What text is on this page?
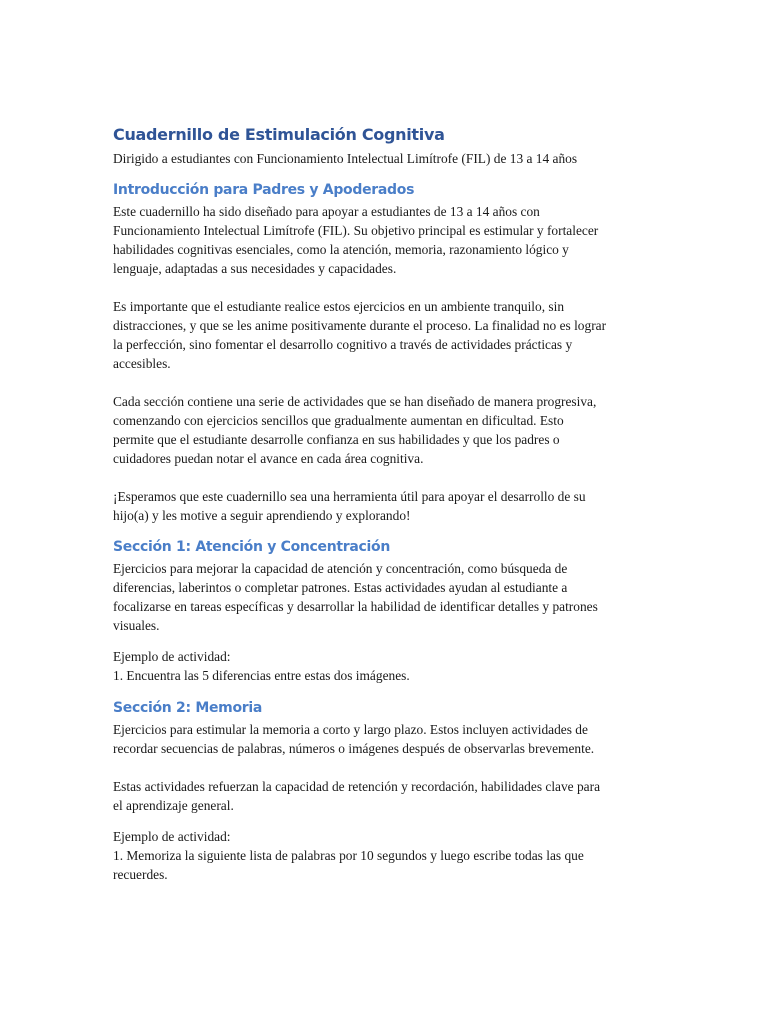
Cuadernillo de Estimulación Cognitiva

Dirigido a estudiantes con Funcionamiento Intelectual Limítrofe (FIL) de 13 a 14 años

Introducción para Padres y Apoderados

Este cuadernillo ha sido diseñado para apoyar a estudiantes de 13 a 14 años con
Funcionamiento Intelectual Limítrofe (FIL). Su objetivo principal es estimular y fortalecer
habilidades cognitivas esenciales, como la atención, memoria, razonamiento lógico y
lenguaje, adaptadas a sus necesidades y capacidades.

Es importante que el estudiante realice estos ejercicios en un ambiente tranquilo, sin
distracciones, y que se les anime positivamente durante el proceso. La finalidad no es lograr
la perfección, sino fomentar el desarrollo cognitivo a través de actividades prácticas y
accesibles.

Cada sección contiene una serie de actividades que se han diseñado de manera progresiva,
comenzando con ejercicios sencillos que gradualmente aumentan en dificultad. Esto
permite que el estudiante desarrolle confianza en sus habilidades y que los padres o
cuidadores puedan notar el avance en cada área cognitiva.

¡Esperamos que este cuadernillo sea una herramienta útil para apoyar el desarrollo de su
hijo(a) y les motive a seguir aprendiendo y explorando!

Sección 1: Atención y Concentración

Ejercicios para mejorar la capacidad de atención y concentración, como búsqueda de
diferencias, laberintos o completar patrones. Estas actividades ayudan al estudiante a
focalizarse en tareas específicas y desarrollar la habilidad de identificar detalles y patrones
visuales.

Ejemplo de actividad:
1. Encuentra las 5 diferencias entre estas dos imágenes.

Sección 2: Memoria

Ejercicios para estimular la memoria a corto y largo plazo. Estos incluyen actividades de
recordar secuencias de palabras, números o imágenes después de observarlas brevemente.

Estas actividades refuerzan la capacidad de retención y recordación, habilidades clave para
el aprendizaje general.

Ejemplo de actividad:
1. Memoriza la siguiente lista de palabras por 10 segundos y luego escribe todas las que
recuerdes.
